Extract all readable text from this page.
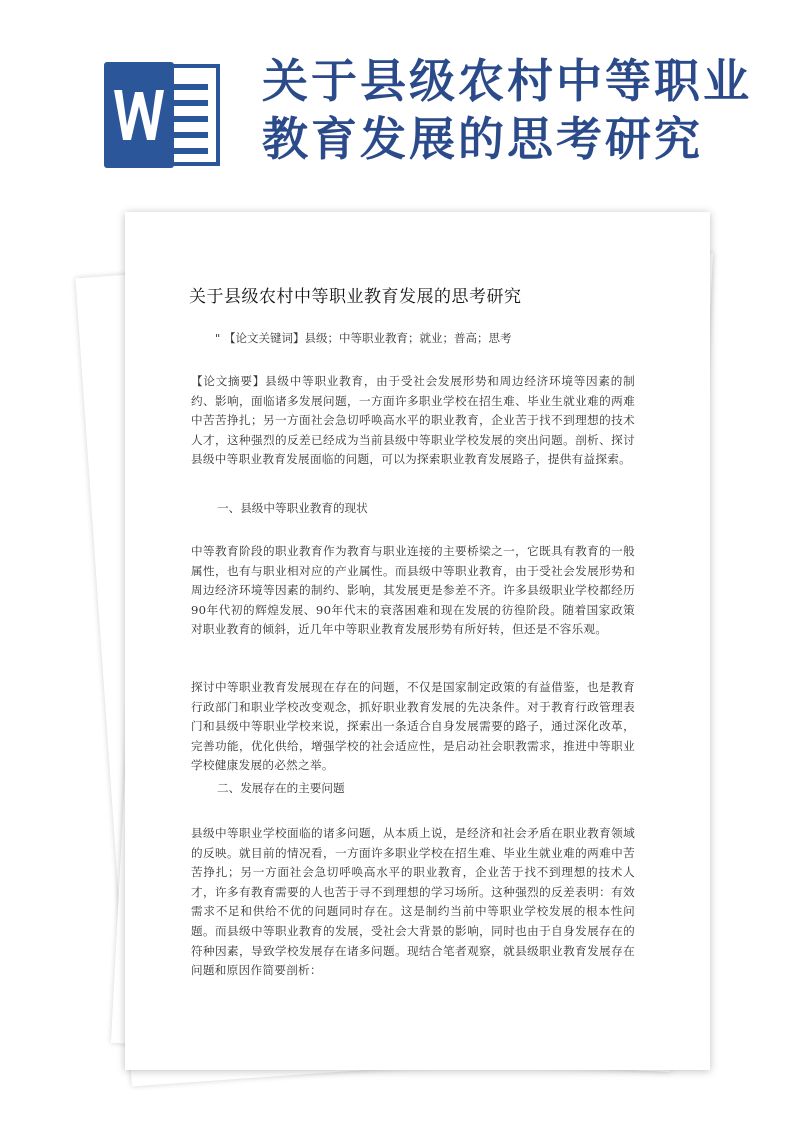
关于县级农村中等职业
教育发展的思考研究
关于县级农村中等职业教育发展的思考研究
" 【论文关键词】县级；中等职业教育；就业；普高；思考

【论文摘要】县级中等职业教育，由于受社会发展形势和周边经济环境等因素的制约、影响，面临诸多发展问题，一方面许多职业学校在招生难、毕业生就业难的两难中苦苦挣扎；另一方面社会急切呼唤高水平的职业教育，企业苦于找不到理想的技术人才，这种强烈的反差已经成为当前县级中等职业学校发展的突出问题。剖析、探讨县级中等职业教育发展面临的问题，可以为探索职业教育发展路子，提供有益探索。

一、县级中等职业教育的现状

中等教育阶段的职业教育作为教育与职业连接的主要桥梁之一，它既具有教育的一般属性，也有与职业相对应的产业属性。而县级中等职业教育，由于受社会发展形势和周边经济环境等因素的制约、影响，其发展更是参差不齐。许多县级职业学校都经历90年代初的辉煌发展、90年代末的衰落困难和现在发展的彷徨阶段。随着国家政策对职业教育的倾斜，近几年中等职业教育发展形势有所好转，但还是不容乐观。

探讨中等职业教育发展现在存在的问题，不仅是国家制定政策的有益借鉴，也是教育行政部门和职业学校改变观念，抓好职业教育发展的先决条件。对于教育行政管理表门和县级中等职业学校来说，探索出一条适合自身发展需要的路子，通过深化改革，完善功能，优化供给，增强学校的社会适应性，是启动社会职教需求，推进中等职业学校健康发展的必然之举。

二、发展存在的主要问题

县级中等职业学校面临的诸多问题，从本质上说，是经济和社会矛盾在职业教育领域的反映。就目前的情况看，一方面许多职业学校在招生难、毕业生就业难的两难中苦苦挣扎；另一方面社会急切呼唤高水平的职业教育，企业苦于找不到理想的技术人才，许多有教育需要的人也苦于寻不到理想的学习场所。这种强烈的反差表明：有效需求不足和供给不优的问题同时存在。这是制约当前中等职业学校发展的根本性问题。而县级中等职业教育的发展，受社会大背景的影响，同时也由于自身发展存在的符种因素，导致学校发展存在诸多问题。现结合笔者观察，就县级职业教育发展存在问题和原因作简要剖析：
